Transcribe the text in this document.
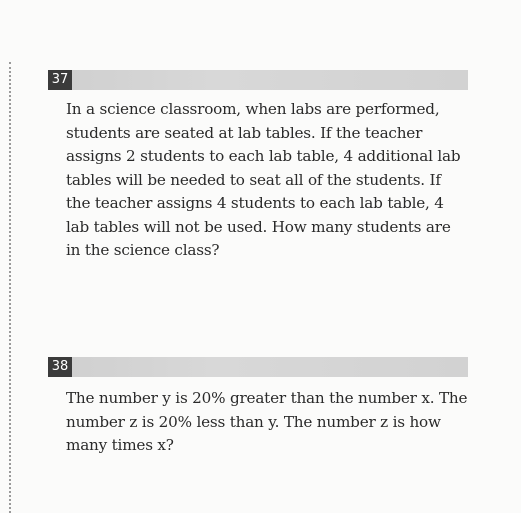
37
In a science classroom, when labs are performed, students are seated at lab tables. If the teacher assigns 2 students to each lab table, 4 additional lab tables will be needed to seat all of the students. If the teacher assigns 4 students to each lab table, 4 lab tables will not be used. How many students are in the science class?
38
The number y is 20% greater than the number x. The number z is 20% less than y. The number z is how many times x?
